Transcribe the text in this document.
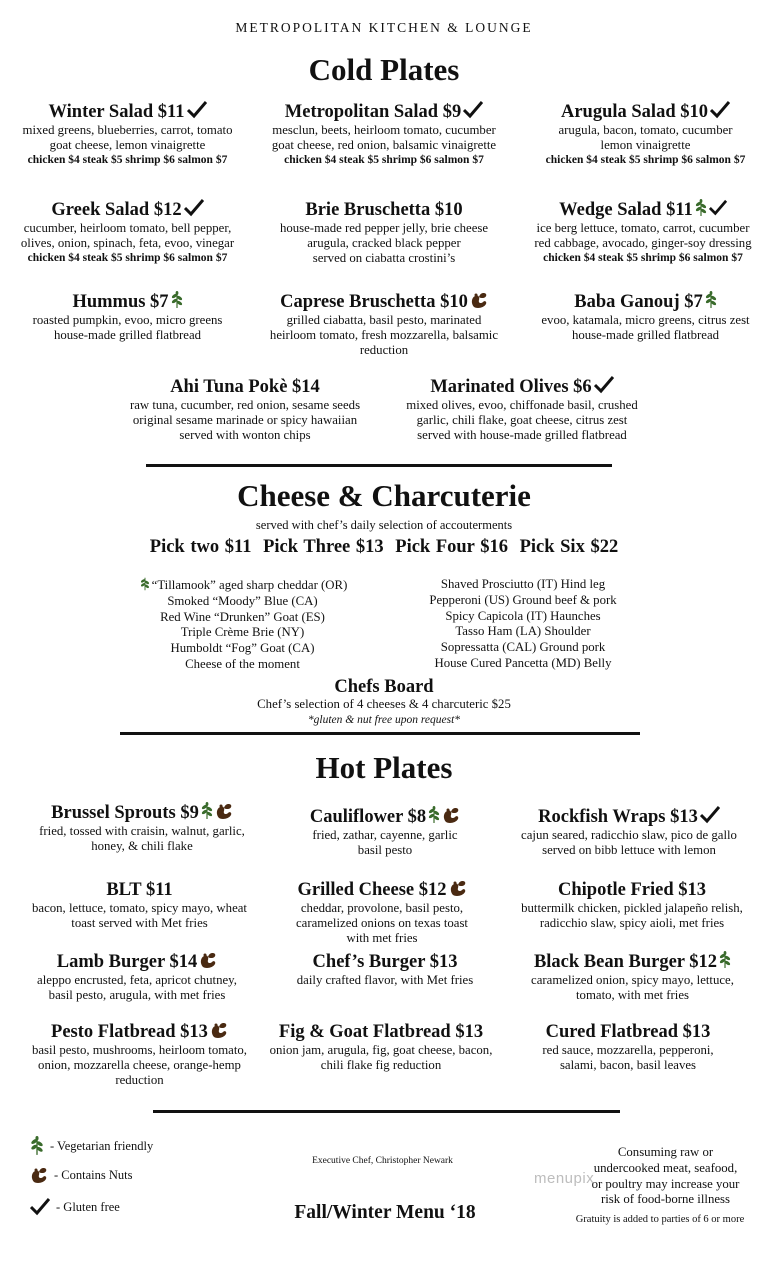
METROPOLITAN KITCHEN & LOUNGE
Cold Plates
Winter Salad $11
mixed greens, blueberries, carrot, tomato
goat cheese, lemon vinaigrette
chicken $4 steak $5 shrimp $6 salmon $7
Metropolitan Salad $9
mesclun, beets, heirloom tomato, cucumber
goat cheese, red onion, balsamic vinaigrette
chicken $4 steak $5 shrimp $6 salmon $7
Arugula Salad $10
arugula, bacon, tomato, cucumber
lemon vinaigrette
chicken $4 steak $5 shrimp $6 salmon $7
Greek Salad $12
cucumber, heirloom tomato, bell pepper,
olives, onion, spinach, feta, evoo, vinegar
chicken $4 steak $5 shrimp $6 salmon $7
Brie Bruschetta $10
house-made red pepper jelly, brie cheese
arugula, cracked black pepper
served on ciabatta crostini’s
Wedge Salad $11
ice berg lettuce, tomato, carrot, cucumber
red cabbage, avocado, ginger-soy dressing
chicken $4 steak $5 shrimp $6 salmon $7
Hummus $7
roasted pumpkin, evoo, micro greens
house-made grilled flatbread
Caprese Bruschetta $10
grilled ciabatta, basil pesto, marinated
heirloom tomato, fresh mozzarella, balsamic
reduction
Baba Ganouj $7
evoo, katamala, micro greens, citrus zest
house-made grilled flatbread
Ahi Tuna Pokè $14
raw tuna, cucumber, red onion, sesame seeds
original sesame marinade or spicy hawaiian
served with wonton chips
Marinated Olives $6
mixed olives, evoo, chiffonade basil, crushed
garlic, chili flake, goat cheese, citrus zest
served with house-made grilled flatbread
Cheese & Charcuterie
served with chef’s daily selection of accouterments
Pick two $11 Pick Three $13 Pick Four $16 Pick Six $22
“Tillamook” aged sharp cheddar (OR)
Smoked “Moody” Blue (CA)
Red Wine “Drunken” Goat (ES)
Triple Crème Brie (NY)
Humboldt “Fog” Goat (CA)
Cheese of the moment
Shaved Prosciutto (IT) Hind leg
Pepperoni (US) Ground beef & pork
Spicy Capicola (IT) Haunches
Tasso Ham (LA) Shoulder
Sopressatta (CAL) Ground pork
House Cured Pancetta (MD) Belly
Chefs Board
Chef’s selection of 4 cheeses & 4 charcuteric $25
*gluten & nut free upon request*
Hot Plates
Brussel Sprouts $9
fried, tossed with craisin, walnut, garlic,
honey, & chili flake
Cauliflower $8
fried, zathar, cayenne, garlic
basil pesto
Rockfish Wraps $13
cajun seared, radicchio slaw, pico de gallo
served on bibb lettuce with lemon
BLT $11
bacon, lettuce, tomato, spicy mayo, wheat
toast served with Met fries
Grilled Cheese $12
cheddar, provolone, basil pesto,
caramelized onions on texas toast
with met fries
Chipotle Fried $13
buttermilk chicken, pickled jalapeño relish,
radicchio slaw, spicy aioli, met fries
Lamb Burger $14
aleppo encrusted, feta, apricot chutney,
basil pesto, arugula, with met fries
Chef’s Burger $13
daily crafted flavor, with Met fries
Black Bean Burger $12
caramelized onion, spicy mayo, lettuce,
tomato, with met fries
Pesto Flatbread $13
basil pesto, mushrooms, heirloom tomato,
onion, mozzarella cheese, orange-hemp
reduction
Fig & Goat Flatbread $13
onion jam, arugula, fig, goat cheese, bacon,
chili flake fig reduction
Cured Flatbread $13
red sauce, mozzarella, pepperoni,
salami, bacon, basil leaves
- Vegetarian friendly
- Contains Nuts
- Gluten free
Executive Chef, Christopher Newark
Fall/Winter Menu ‘18
Consuming raw or
undercooked meat, seafood,
or poultry may increase your
risk of food-borne illness
Gratuity is added to parties of 6 or more
menupix
